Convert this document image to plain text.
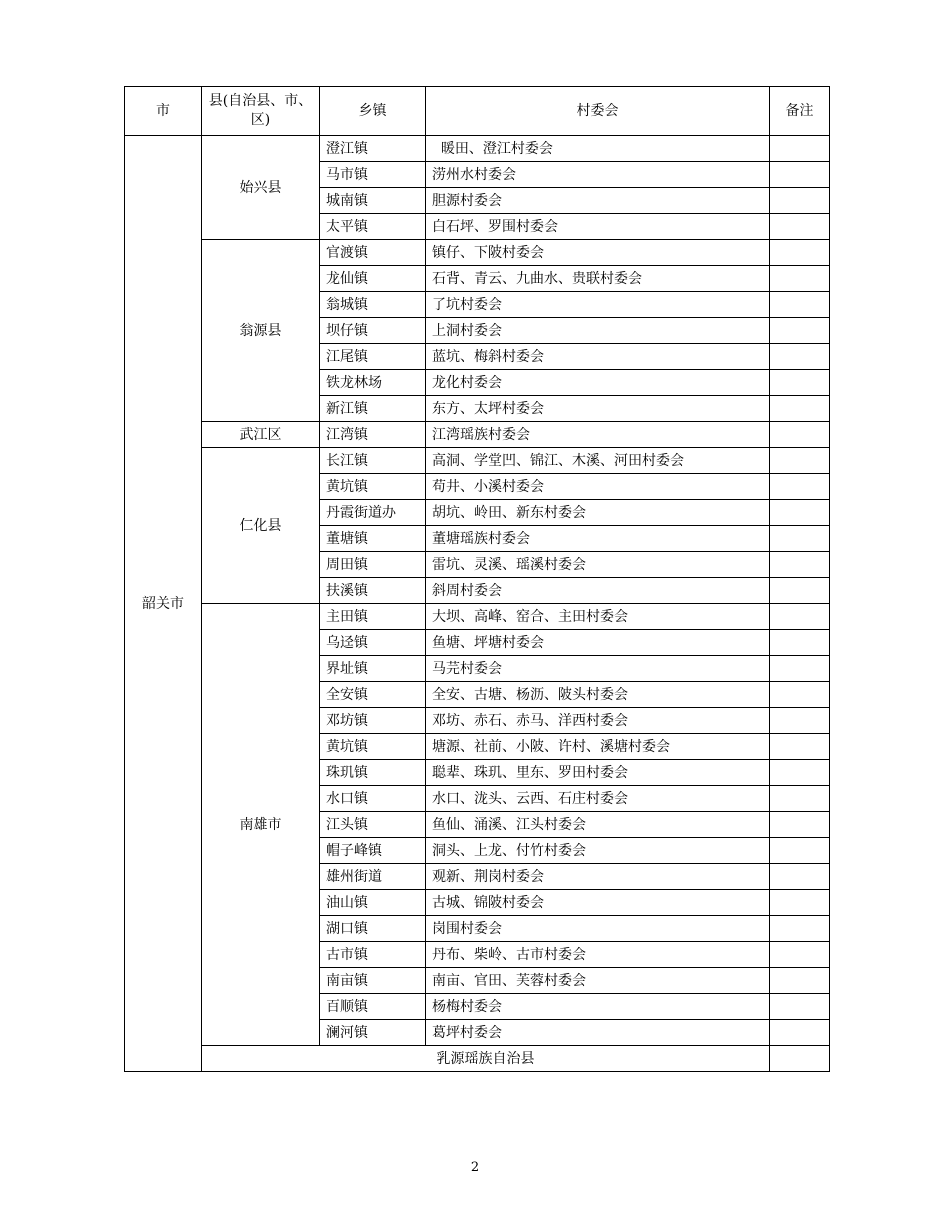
市	县(自治县、市、区)	乡镇	村委会	备注
韶关市	始兴县	澄江镇	暖田、澄江村委会	
		马市镇	涝州水村委会	
		城南镇	胆源村委会	
		太平镇	白石坪、罗围村委会	
	翁源县	官渡镇	镇仔、下陂村委会	
		龙仙镇	石背、青云、九曲水、贵联村委会	
		翁城镇	了坑村委会	
		坝仔镇	上洞村委会	
		江尾镇	蓝坑、梅斜村委会	
		铁龙林场	龙化村委会	
		新江镇	东方、太坪村委会	
	武江区	江湾镇	江湾瑶族村委会	
	仁化县	长江镇	高洞、学堂凹、锦江、木溪、河田村委会	
		黄坑镇	苟井、小溪村委会	
		丹霞街道办	胡坑、岭田、新东村委会	
		董塘镇	董塘瑶族村委会	
		周田镇	雷坑、灵溪、瑶溪村委会	
		扶溪镇	斜周村委会	
	南雄市	主田镇	大坝、高峰、窑合、主田村委会	
		乌迳镇	鱼塘、坪塘村委会	
		界址镇	马芫村委会	
		全安镇	全安、古塘、杨沥、陂头村委会	
		邓坊镇	邓坊、赤石、赤马、洋西村委会	
		黄坑镇	塘源、社前、小陂、许村、溪塘村委会	
		珠玑镇	聪辈、珠玑、里东、罗田村委会	
		水口镇	水口、泷头、云西、石庄村委会	
		江头镇	鱼仙、涌溪、江头村委会	
		帽子峰镇	洞头、上龙、付竹村委会	
		雄州街道	观新、荆岗村委会	
		油山镇	古城、锦陂村委会	
		湖口镇	岗围村委会	
		古市镇	丹布、柴岭、古市村委会	
		南亩镇	南亩、官田、芙蓉村委会	
		百顺镇	杨梅村委会	
		澜河镇	葛坪村委会	
	乳源瑶族自治县			
2
